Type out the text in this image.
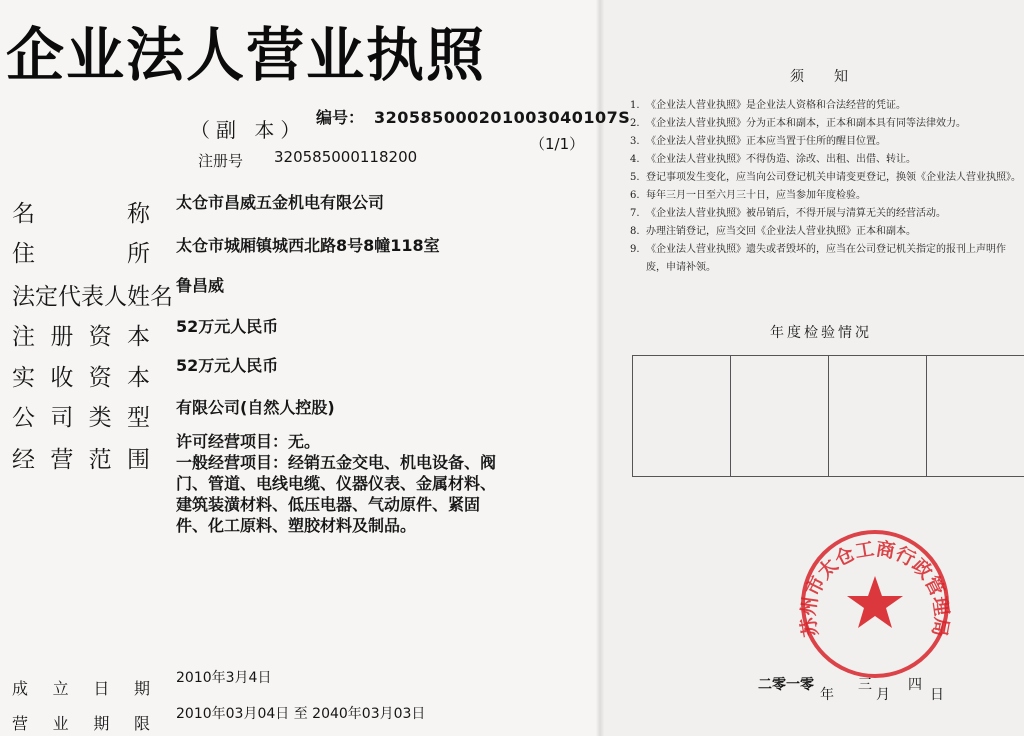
企业法人营业执照
（副 本）
编号： 320585000201003040107S
（1/1）
注册号 320585000118200
名称 太仓市昌威五金机电有限公司
住所 太仓市城厢镇城西北路8号8幢118室
法定代表人姓名 鲁昌威
注册资本 52万元人民币
实收资本 52万元人民币
公司类型 有限公司(自然人控股)
经营范围
许可经营项目：无。
一般经营项目：经销五金交电、机电设备、阀
门、管道、电线电缆、仪器仪表、金属材料、
建筑装潢材料、低压电器、气动原件、紧固
件、化工原料、塑胶材料及制品。
成立日期
2010年3月4日
营业期限 2010年03月04日 至 2040年03月03日
须知
1. 《企业法人营业执照》是企业法人资格和合法经营的凭证。
2. 《企业法人营业执照》分为正本和副本，正本和副本具有同等法律效力。
3. 《企业法人营业执照》正本应当置于住所的醒目位置。
4. 《企业法人营业执照》不得伪造、涂改、出租、出借、转让。
5. 登记事项发生变化，应当向公司登记机关申请变更登记，换领《企业法人营业执照》。
6. 每年三月一日至六月三十日，应当参加年度检验。
7. 《企业法人营业执照》被吊销后，不得开展与清算无关的经营活动。
8. 办理注销登记，应当交回《企业法人营业执照》正本和副本。
9. 《企业法人营业执照》遗失或者毁坏的，应当在公司登记机关指定的报刊上声明作废，申请补领。
年度检验情况
苏州市太仓工商行政管理局
二零一零
年
三
月
四
日
